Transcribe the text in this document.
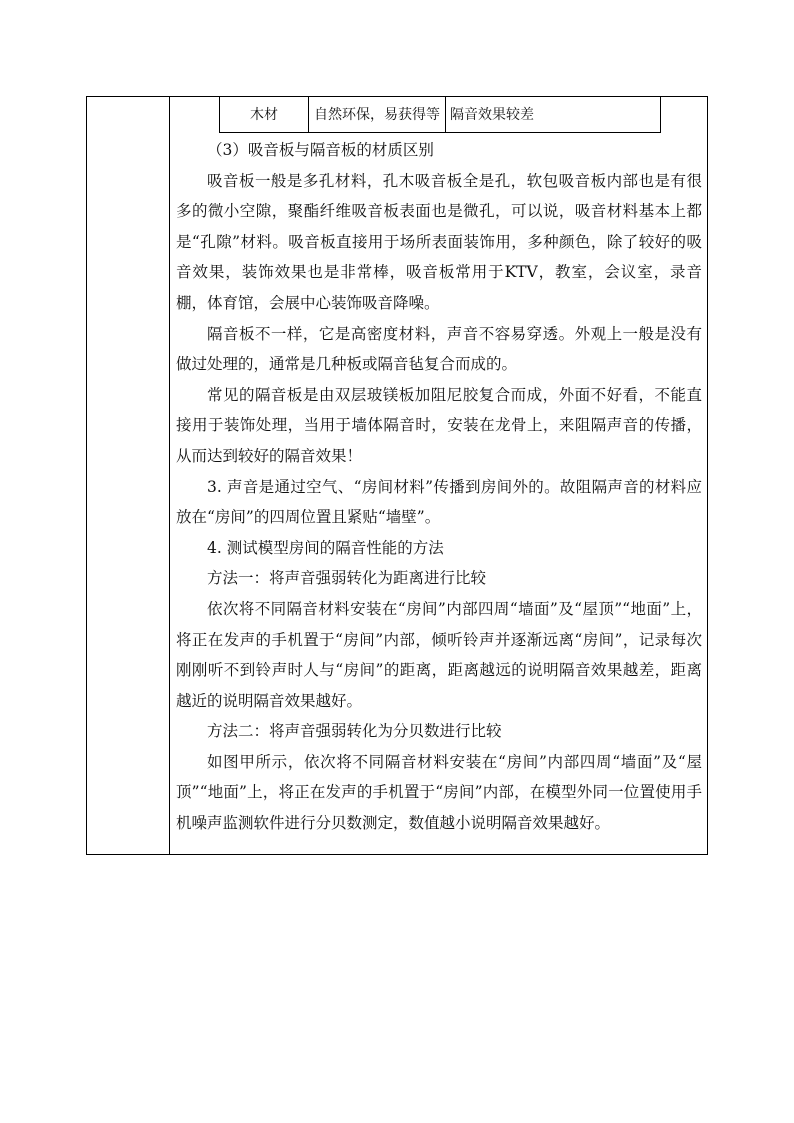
木材	自然环保，易获得等	隔音效果较差

（3）吸音板与隔音板的材质区别

吸音板一般是多孔材料，孔木吸音板全是孔，软包吸音板内部也是有很多的微小空隙，聚酯纤维吸音板表面也是微孔，可以说，吸音材料基本上都是“孔隙”材料。吸音板直接用于场所表面装饰用，多种颜色，除了较好的吸音效果，装饰效果也是非常棒，吸音板常用于KTV，教室，会议室，录音棚，体育馆，会展中心装饰吸音降噪。

隔音板不一样，它是高密度材料，声音不容易穿透。外观上一般是没有做过处理的，通常是几种板或隔音毡复合而成的。

常见的隔音板是由双层玻镁板加阻尼胶复合而成，外面不好看，不能直接用于装饰处理，当用于墙体隔音时，安装在龙骨上，来阻隔声音的传播，从而达到较好的隔音效果！

3. 声音是通过空气、“房间材料”传播到房间外的。故阻隔声音的材料应放在“房间”的四周位置且紧贴“墙壁”。

4. 测试模型房间的隔音性能的方法

方法一：将声音强弱转化为距离进行比较

依次将不同隔音材料安装在“房间”内部四周“墙面”及“屋顶”“地面”上，将正在发声的手机置于“房间”内部，倾听铃声并逐渐远离“房间”，记录每次刚刚听不到铃声时人与“房间”的距离，距离越远的说明隔音效果越差，距离越近的说明隔音效果越好。

方法二：将声音强弱转化为分贝数进行比较

如图甲所示，依次将不同隔音材料安装在“房间”内部四周“墙面”及“屋顶”“地面”上，将正在发声的手机置于“房间”内部，在模型外同一位置使用手机噪声监测软件进行分贝数测定，数值越小说明隔音效果越好。
